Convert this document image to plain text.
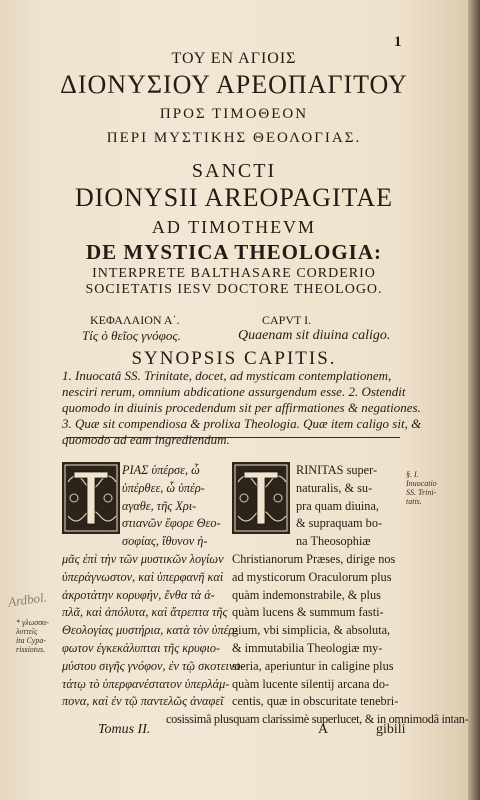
1
ΤΟΥ ΕΝ ΑΓΙΟΙΣ
ΔΙΟΝΥΣΙΟΥ ΑΡΕΟΠΑΓΙΤΟΥ
ΠΡΟΣ ΤΙΜΟΘΕΟΝ
ΠΕΡΙ ΜΥΣΤΙΚΗΣ ΘΕΟΛΟΓΙΑΣ.
SANCTI
DIONYSII AREOPAGITAE
AD TIMOTHEVM
DE MYSTICA THEOLOGIA:
INTERPRETE BALTHASARE CORDERIO
SOCIETATIS IESV DOCTORE THEOLOGO.
ΚΕΦΑΛΑΙΟΝ Α΄.
Τίς ὁ θεῖος γνόφος.
CAPVT I.
Quaenam sit diuina caligo.
SYNOPSIS CAPITIS.
1. Inuocatâ SS. Trinitate, docet, ad mysticam contemplationem,
nesciri rerum, omnium abdicatione assurgendum esse. 2. Ostendit
quomodo in diuinis procedendum sit per affirmationes & negationes.
3. Quæ sit compendiosa & prolixa Theologia. Quæ item caligo sit, &
quomodo ad eam ingrediendum.
ΡΙΑΣ ὑπέρσε, ὦ
ὑπέρθεε, ὦ ὑπέρ-
αγαθε, τῆς Χρι-
στιανῶν ἔφορε Θεο-
σοφίας, ἴθυνον ἡ-
μᾶς ἐπὶ τὴν τῶν μυστικῶν λογίων
ὑπεράγνωστον, καὶ ὑπερφανῆ καὶ
ἀκροτάτην κορυφήν, ἔνθα τὰ ἁ-
πλᾶ, καὶ ἀπόλυτα, καὶ ἄτρεπτα τῆς
Θεολογίας μυστήρια, κατὰ τὸν ὑπέρ-
φωτον ἐγκεκάλυπται τῆς κρυφιο-
μύστου σιγῆς γνόφον, ἐν τῷ σκοτεινο-
τάτῳ τὸ ὑπερφανέστατον ὑπερλάμ-
πονα, καὶ ἐν τῷ παντελῶς ἀναφεῖ
RINITAS super-
naturalis, & su-
pra quam diuina,
& supraquam bo-
na Theosophiæ
Christianorum Præses, dirige nos
ad mysticorum Oraculorum plus
quàm indemonstrabile, & plus
quàm lucens & summum fasti-
gium, vbi simplicia, & absoluta,
& immutabilia Theologiæ my-
steria, aperiuntur in caligine plus
quàm lucente silentij arcana do-
centis, quæ in obscuritate tenebri-
cosissimâ plusquam clarissimè superlucet, & in omnimodâ intan-
§. I.
Inuocatio
SS. Trini-
tatis.
* γλωσσα-
λυττεῖς
ita Cypa-
rissiotus.
Ardbol.
Tomus II.	A	gibili
